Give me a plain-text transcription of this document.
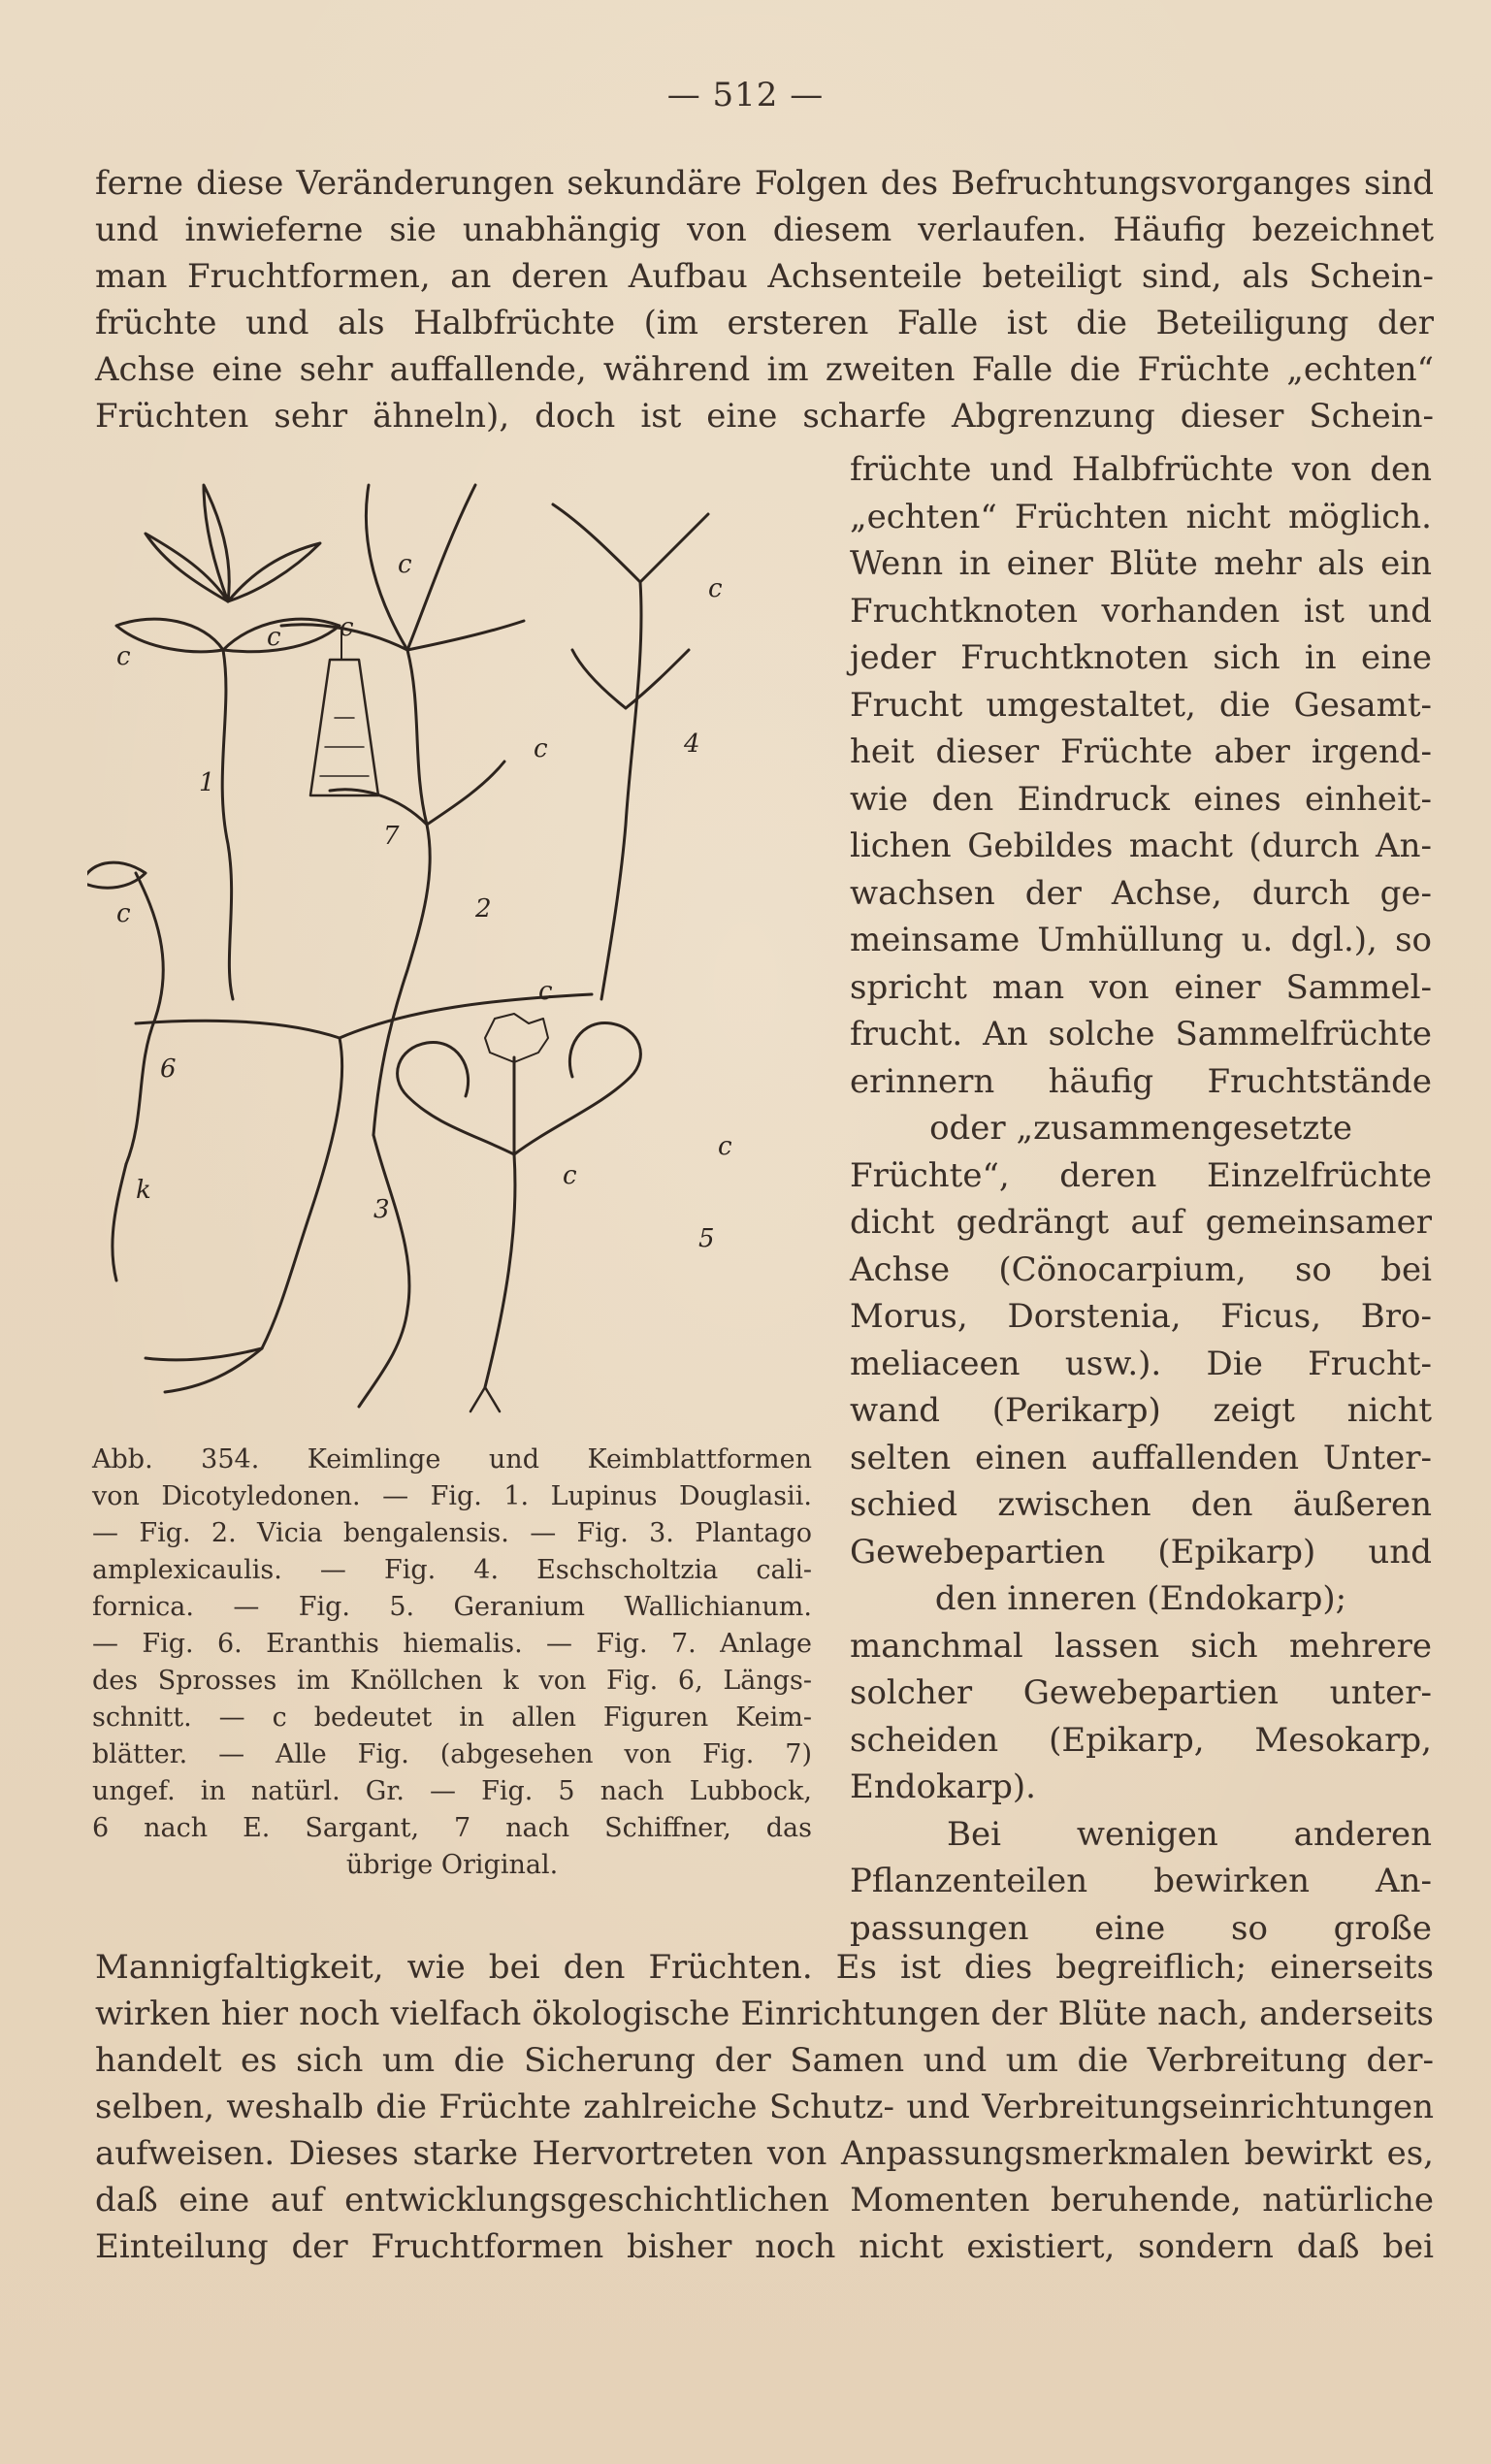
— 512 —
ferne diese Veränderungen sekundäre Folgen des Befruchtungsvorganges sind
und inwieferne sie unabhängig von diesem verlaufen. Häufig bezeichnet
man Fruchtformen, an deren Aufbau Achsenteile beteiligt sind, als Schein-
früchte und als Halbfrüchte (im ersteren Falle ist die Beteiligung der
Achse eine sehr auffallende, während im zweiten Falle die Früchte „echten“
Früchten sehr ähneln), doch ist eine scharfe Abgrenzung dieser Schein-
c
c
c
c
c
c
c
c
c
c
1
2
3
4
5
6
7
k
früchte und Halbfrüchte von den
„echten“ Früchten nicht möglich.
Wenn in einer Blüte mehr als ein
Fruchtknoten vorhanden ist und
jeder Fruchtknoten sich in eine
Frucht umgestaltet, die Gesamt-
heit dieser Früchte aber irgend-
wie den Eindruck eines einheit-
lichen Gebildes macht (durch An-
wachsen der Achse, durch ge-
meinsame Umhüllung u. dgl.), so
spricht man von einer Sammel-
frucht. An solche Sammelfrüchte
erinnern häufig Fruchtstände
oder „zusammengesetzte
Früchte“, deren Einzelfrüchte
dicht gedrängt auf gemeinsamer
Achse (Cönocarpium, so bei
Morus, Dorstenia, Ficus, Bro-
meliaceen usw.). Die Frucht-
wand (Perikarp) zeigt nicht
selten einen auffallenden Unter-
schied zwischen den äußeren
Gewebepartien (Epikarp) und
den inneren (Endokarp);
manchmal lassen sich mehrere
solcher Gewebepartien unter-
scheiden (Epikarp, Mesokarp,
Endokarp).
Bei wenigen anderen
Pflanzenteilen bewirken An-
passungen eine so große
Abb. 354. Keimlinge und Keimblattformen
von Dicotyledonen. — Fig. 1. Lupinus Douglasii.
— Fig. 2. Vicia bengalensis. — Fig. 3. Plantago
amplexicaulis. — Fig. 4. Eschscholtzia cali-
fornica. — Fig. 5. Geranium Wallichianum.
— Fig. 6. Eranthis hiemalis. — Fig. 7. Anlage
des Sprosses im Knöllchen k von Fig. 6, Längs-
schnitt. — c bedeutet in allen Figuren Keim-
blätter. — Alle Fig. (abgesehen von Fig. 7)
ungef. in natürl. Gr. — Fig. 5 nach Lubbock,
6 nach E. Sargant, 7 nach Schiffner, das
übrige Original.
Mannigfaltigkeit, wie bei den Früchten. Es ist dies begreiflich; einerseits
wirken hier noch vielfach ökologische Einrichtungen der Blüte nach, anderseits
handelt es sich um die Sicherung der Samen und um die Verbreitung der-
selben, weshalb die Früchte zahlreiche Schutz- und Verbreitungseinrichtungen
aufweisen. Dieses starke Hervortreten von Anpassungsmerkmalen bewirkt es,
daß eine auf entwicklungsgeschichtlichen Momenten beruhende, natürliche
Einteilung der Fruchtformen bisher noch nicht existiert, sondern daß bei
